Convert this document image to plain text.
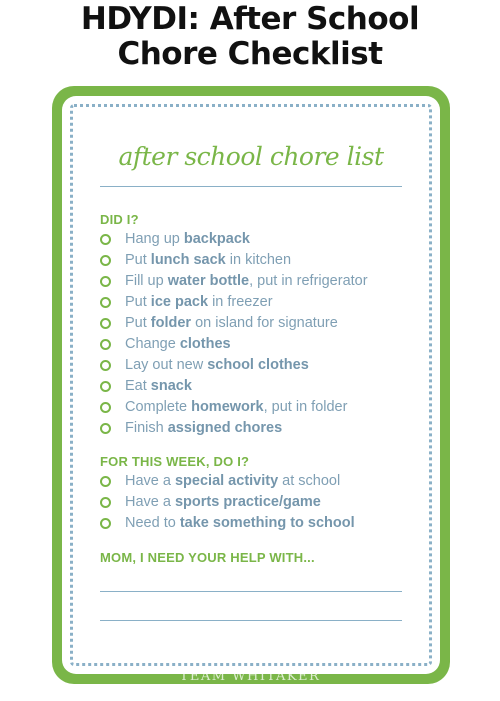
HDYDI: After School
Chore Checklist
after school chore list
DID I?
Hang up backpack
Put lunch sack in kitchen
Fill up water bottle, put in refrigerator
Put ice pack in freezer
Put folder on island for signature
Change clothes
Lay out new school clothes
Eat snack
Complete homework, put in folder
Finish assigned chores
FOR THIS WEEK, DO I?
Have a special activity at school
Have a sports practice/game
Need to take something to school
MOM, I NEED YOUR HELP WITH...
TEAM WHITAKER
